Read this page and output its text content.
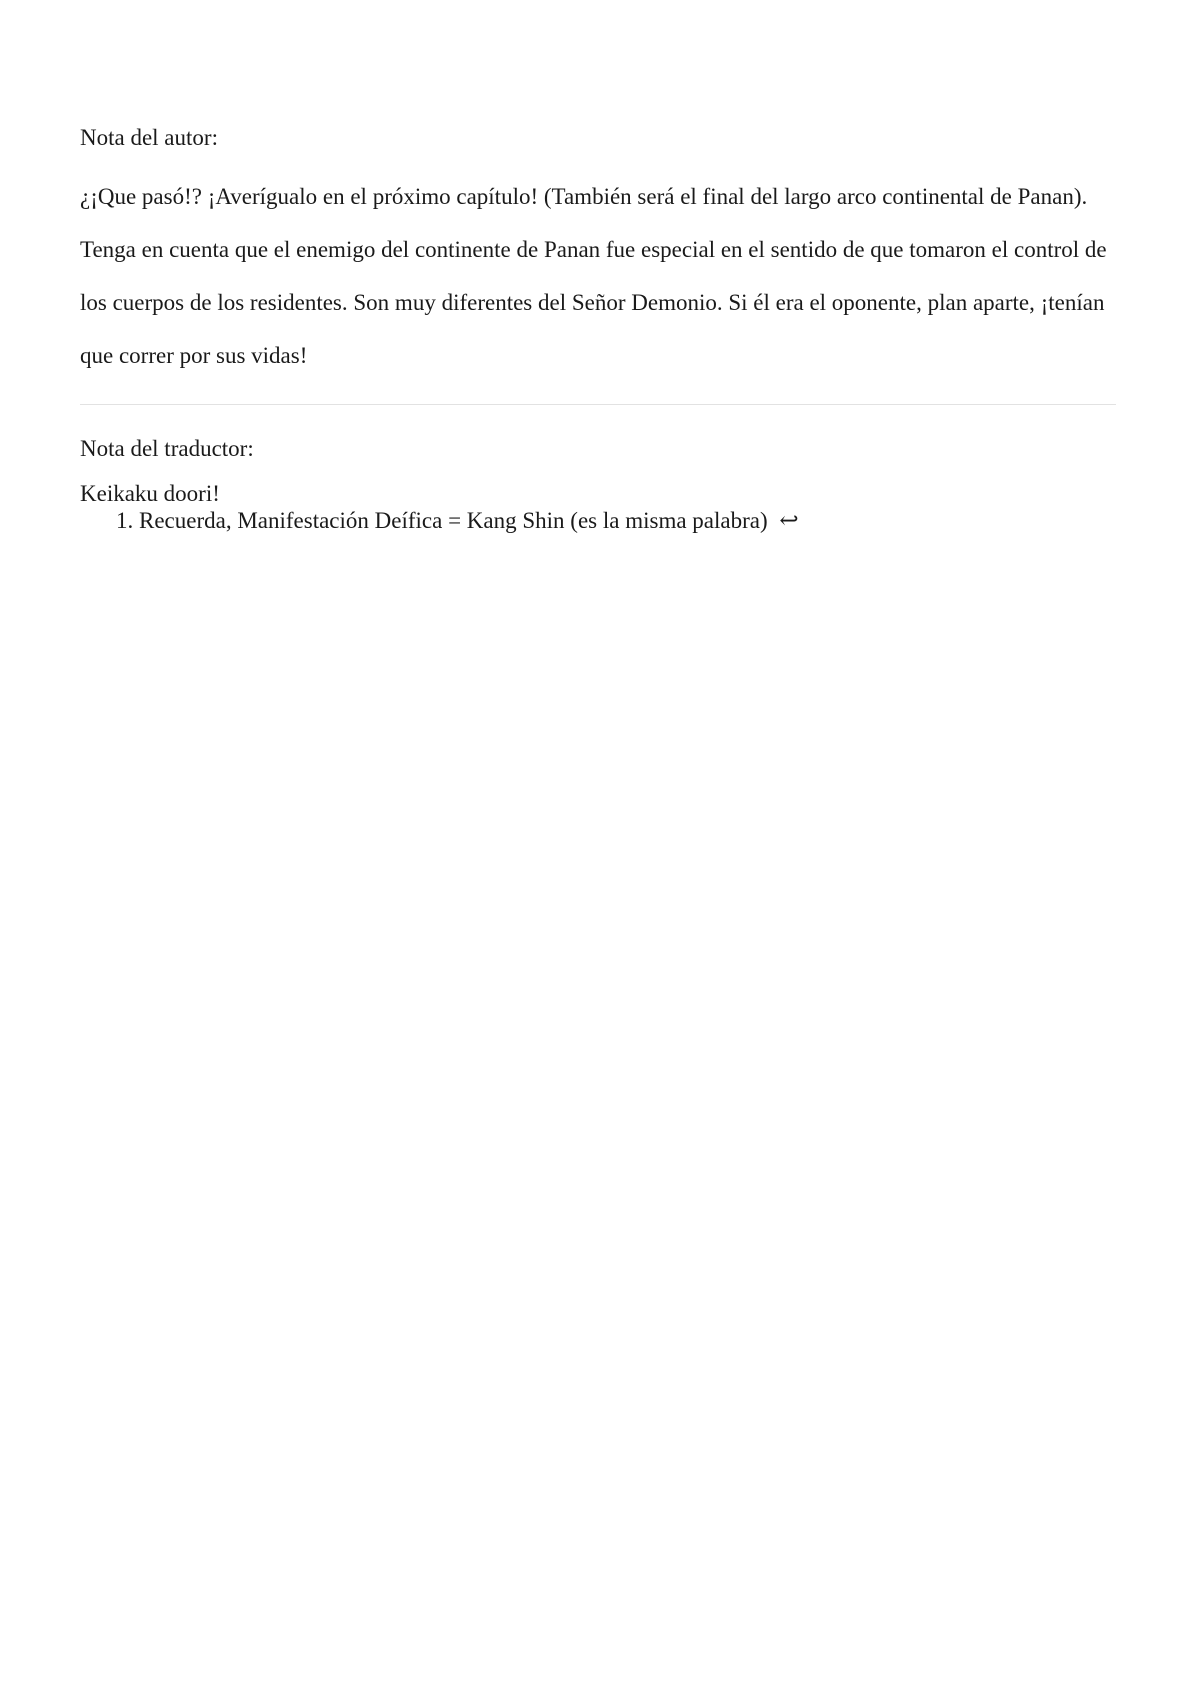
Nota del autor:

¿¡Que pasó!? ¡Averígualo en el próximo capítulo! (También será el final del largo arco continental de Panan). Tenga en cuenta que el enemigo del continente de Panan fue especial en el sentido de que tomaron el control de los cuerpos de los residentes. Son muy diferentes del Señor Demonio. Si él era el oponente, plan aparte, ¡tenían que correr por sus vidas!

Nota del traductor:

Keikaku doori!

1. Recuerda, Manifestación Deífica = Kang Shin (es la misma palabra) ↩
